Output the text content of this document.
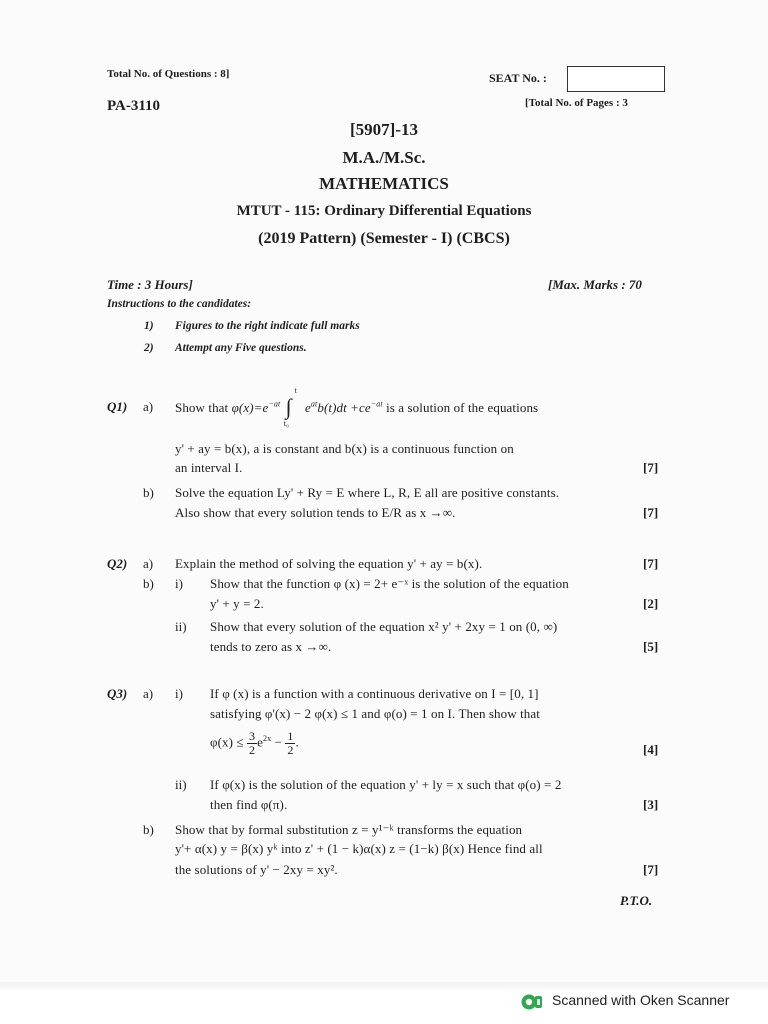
Total No. of Questions : 8]	SEAT No. :
[Total No. of Pages : 3
PA-3110
[5907]-13
M.A./M.Sc.
MATHEMATICS
MTUT - 115: Ordinary Differential Equations
(2019 Pattern) (Semester - I) (CBCS)
Time : 3 Hours]	[Max. Marks : 70
Instructions to the candidates:
1) Figures to the right indicate full marks
2) Attempt any Five questions.
Q1) a) Show that $\varphi(x)=e^{-at}$ ∫
t
t₀
$e^{at}b(t)dt +ce^{-at}$ is a solution of the equations
y' + ay = b(x), a is constant and b(x) is a continuous function on
an interval I.	[7]
b) Solve the equation Ly' + Ry = E where L, R, E all are positive constants.
Also show that every solution tends to E/R as x →∞.	[7]
Q2) a) Explain the method of solving the equation y' + ay = b(x).	[7]
b) i) Show that the function φ (x) = 2+ e⁻ˣ is the solution of the equation
y' + y = 2.	[2]
ii) Show that every solution of the equation x² y' + 2xy = 1 on (0, ∞)
tends to zero as x →∞.	[5]
Q3) a) i) If φ (x) is a function with a continuous derivative on I = [0, 1]
satisfying φ'(x) − 2 φ(x) ≤ 1 and φ(o) = 1 on I. Then show that
$\varphi(x) \le \frac{3}{2} e^{2x} - \frac{1}{2}$ .
[4]
ii) If φ(x) is the solution of the equation y' + ly = x such that φ(o) = 2
then find φ(π).	[3]
b) Show that by formal substitution z = y¹⁻ᵏ transforms the equation
y'+ α(x) y = β(x) yᵏ into z' + (1 − k)α(x) z = (1−k) β(x) Hence find all
the solutions of y' − 2xy = xy².	[7]
P.T.O.
Scanned with Oken Scanner
